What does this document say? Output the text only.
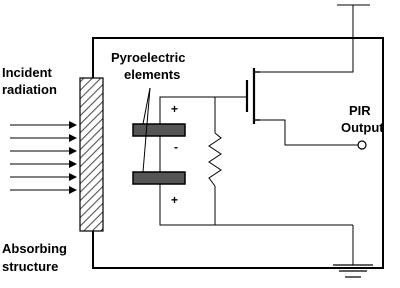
+
-
+
Incident
radiation
Pyroelectric
elements
PIR
Output
Absorbing
structure
